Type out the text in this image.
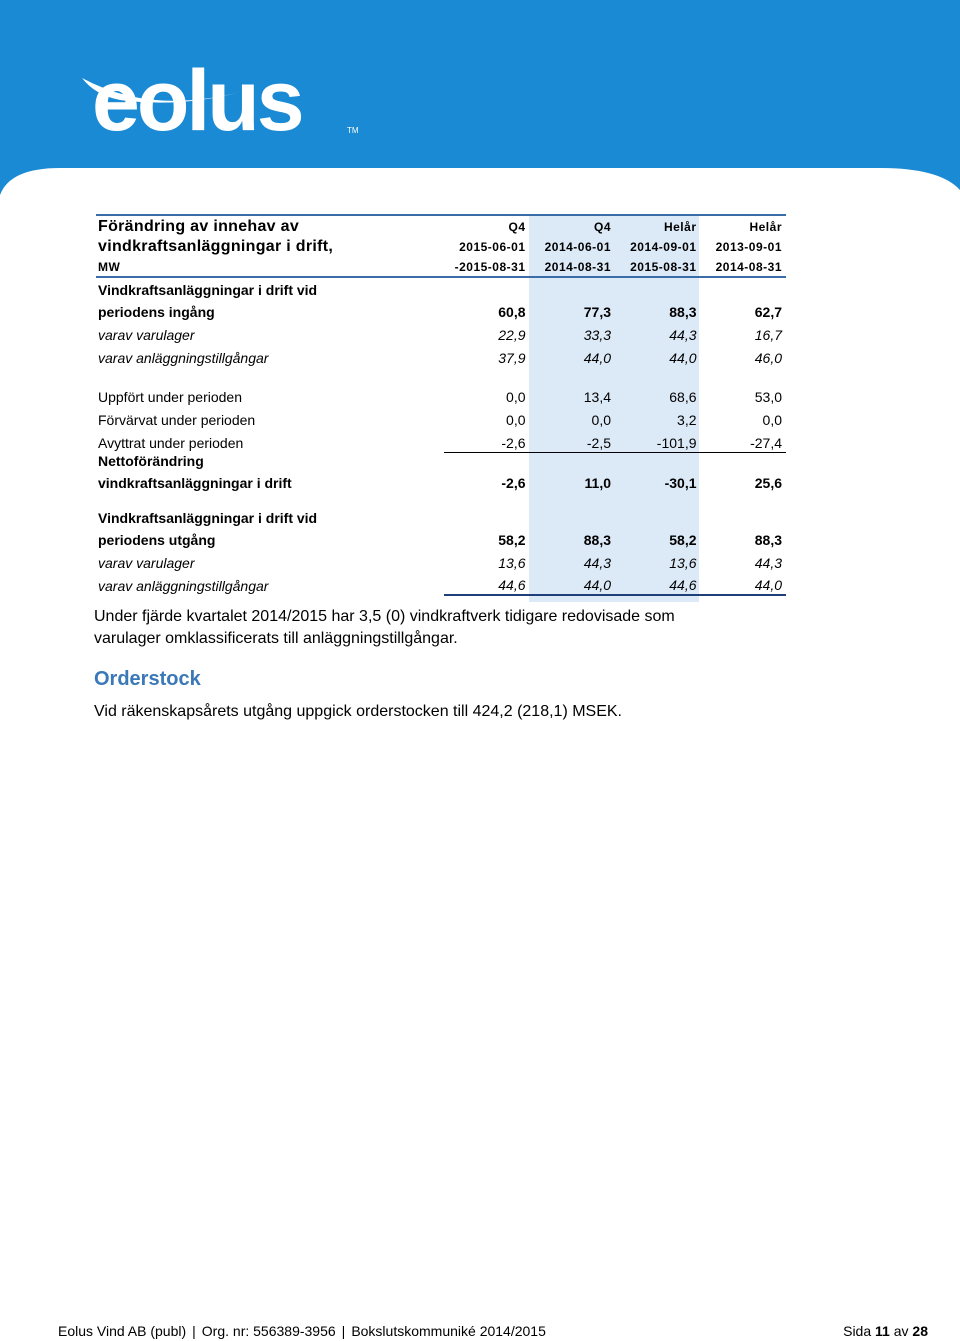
eolus	TM
Förändring av innehav av	Q4	Q4	Helår	Helår
vindkraftsanläggningar i drift,	2015-06-01	2014-06-01	2014-09-01	2013-09-01
MW	-2015-08-31	2014-08-31	2015-08-31	2014-08-31

Vindkraftsanläggningar i drift vid				
periodens ingång	60,8	77,3	88,3	62,7
varav varulager	22,9	33,3	44,3	16,7
varav anläggningstillgångar	37,9	44,0	44,0	46,0

Uppfört under perioden	0,0	13,4	68,6	53,0
Förvärvat under perioden	0,0	0,0	3,2	0,0
Avyttrat under perioden	-2,6	-2,5	-101,9	-27,4
Nettoförändring				
vindkraftsanläggningar i drift	-2,6	11,0	-30,1	25,6

Vindkraftsanläggningar i drift vid				
periodens utgång	58,2	88,3	58,2	88,3
varav varulager	13,6	44,3	13,6	44,3
varav anläggningstillgångar	44,6	44,0	44,6	44,0
Under fjärde kvartalet 2014/2015 har 3,5 (0) vindkraftverk tidigare redovisade som
varulager omklassificerats till anläggningstillgångar.
Orderstock
Vid räkenskapsårets utgång uppgick orderstocken till 424,2 (218,1) MSEK.
Eolus Vind AB (publ) | Org. nr: 556389-3956 | Bokslutskommuniké 2014/2015	Sida 11 av 28
